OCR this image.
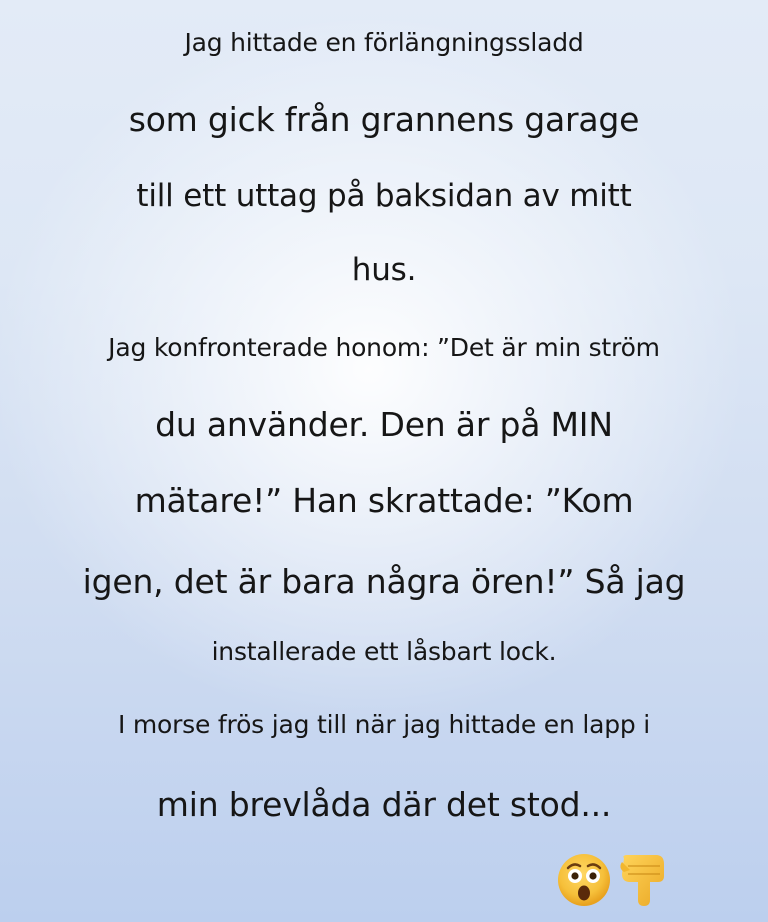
Jag hittade en förlängningssladd
som gick från grannens garage
till ett uttag på baksidan av mitt
hus.
Jag konfronterade honom: ”Det är min ström
du använder. Den är på MIN
mätare!” Han skrattade: ”Kom
igen, det är bara några ören!” Så jag
installerade ett låsbart lock.
I morse frös jag till när jag hittade en lapp i
min brevlåda där det stod...
